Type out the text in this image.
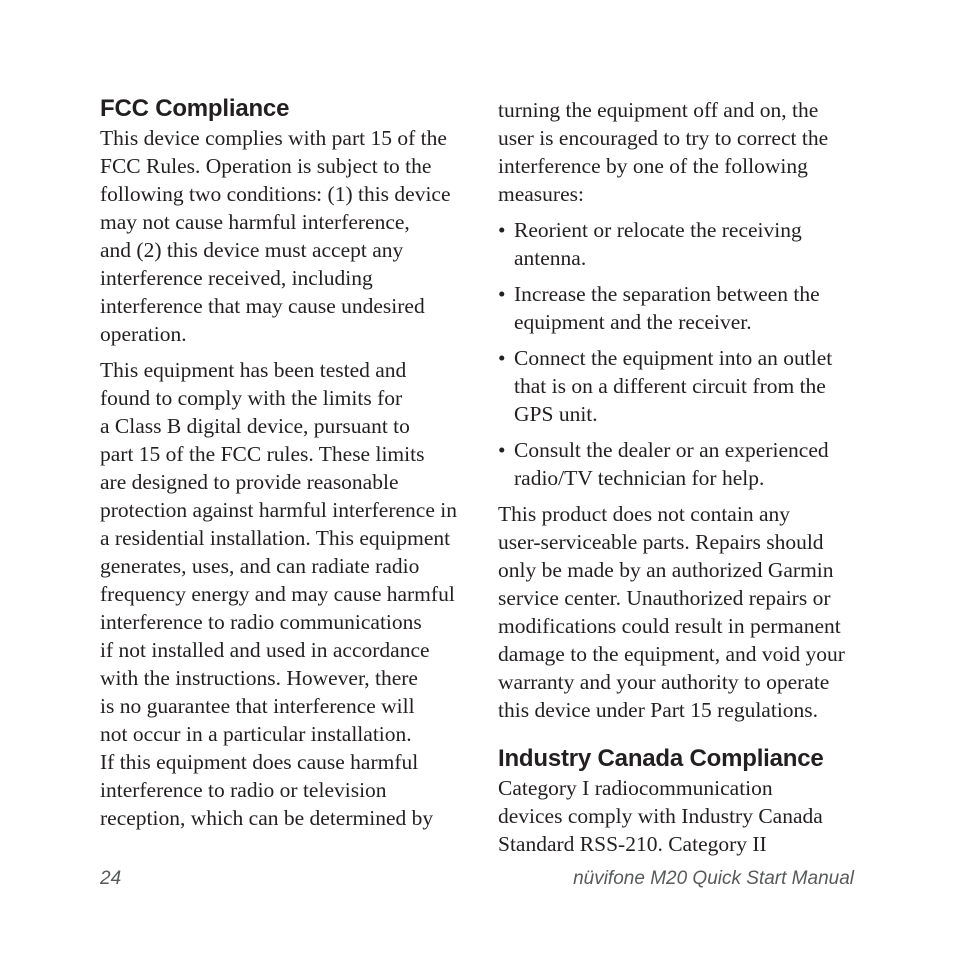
FCC Compliance

This device complies with part 15 of the
FCC Rules. Operation is subject to the
following two conditions: (1) this device
may not cause harmful interference,
and (2) this device must accept any
interference received, including
interference that may cause undesired
operation.

This equipment has been tested and
found to comply with the limits for
a Class B digital device, pursuant to
part 15 of the FCC rules. These limits
are designed to provide reasonable
protection against harmful interference in
a residential installation. This equipment
generates, uses, and can radiate radio
frequency energy and may cause harmful
interference to radio communications
if not installed and used in accordance
with the instructions. However, there
is no guarantee that interference will
not occur in a particular installation.
If this equipment does cause harmful
interference to radio or television
reception, which can be determined by

turning the equipment off and on, the
user is encouraged to try to correct the
interference by one of the following
measures:

• Reorient or relocate the receiving
antenna.
• Increase the separation between the
equipment and the receiver.
• Connect the equipment into an outlet
that is on a different circuit from the
GPS unit.
• Consult the dealer or an experienced
radio/TV technician for help.

This product does not contain any
user-serviceable parts. Repairs should
only be made by an authorized Garmin
service center. Unauthorized repairs or
modifications could result in permanent
damage to the equipment, and void your
warranty and your authority to operate
this device under Part 15 regulations.

Industry Canada Compliance

Category I radiocommunication
devices comply with Industry Canada
Standard RSS-210. Category II

24	nüvifone M20 Quick Start Manual
